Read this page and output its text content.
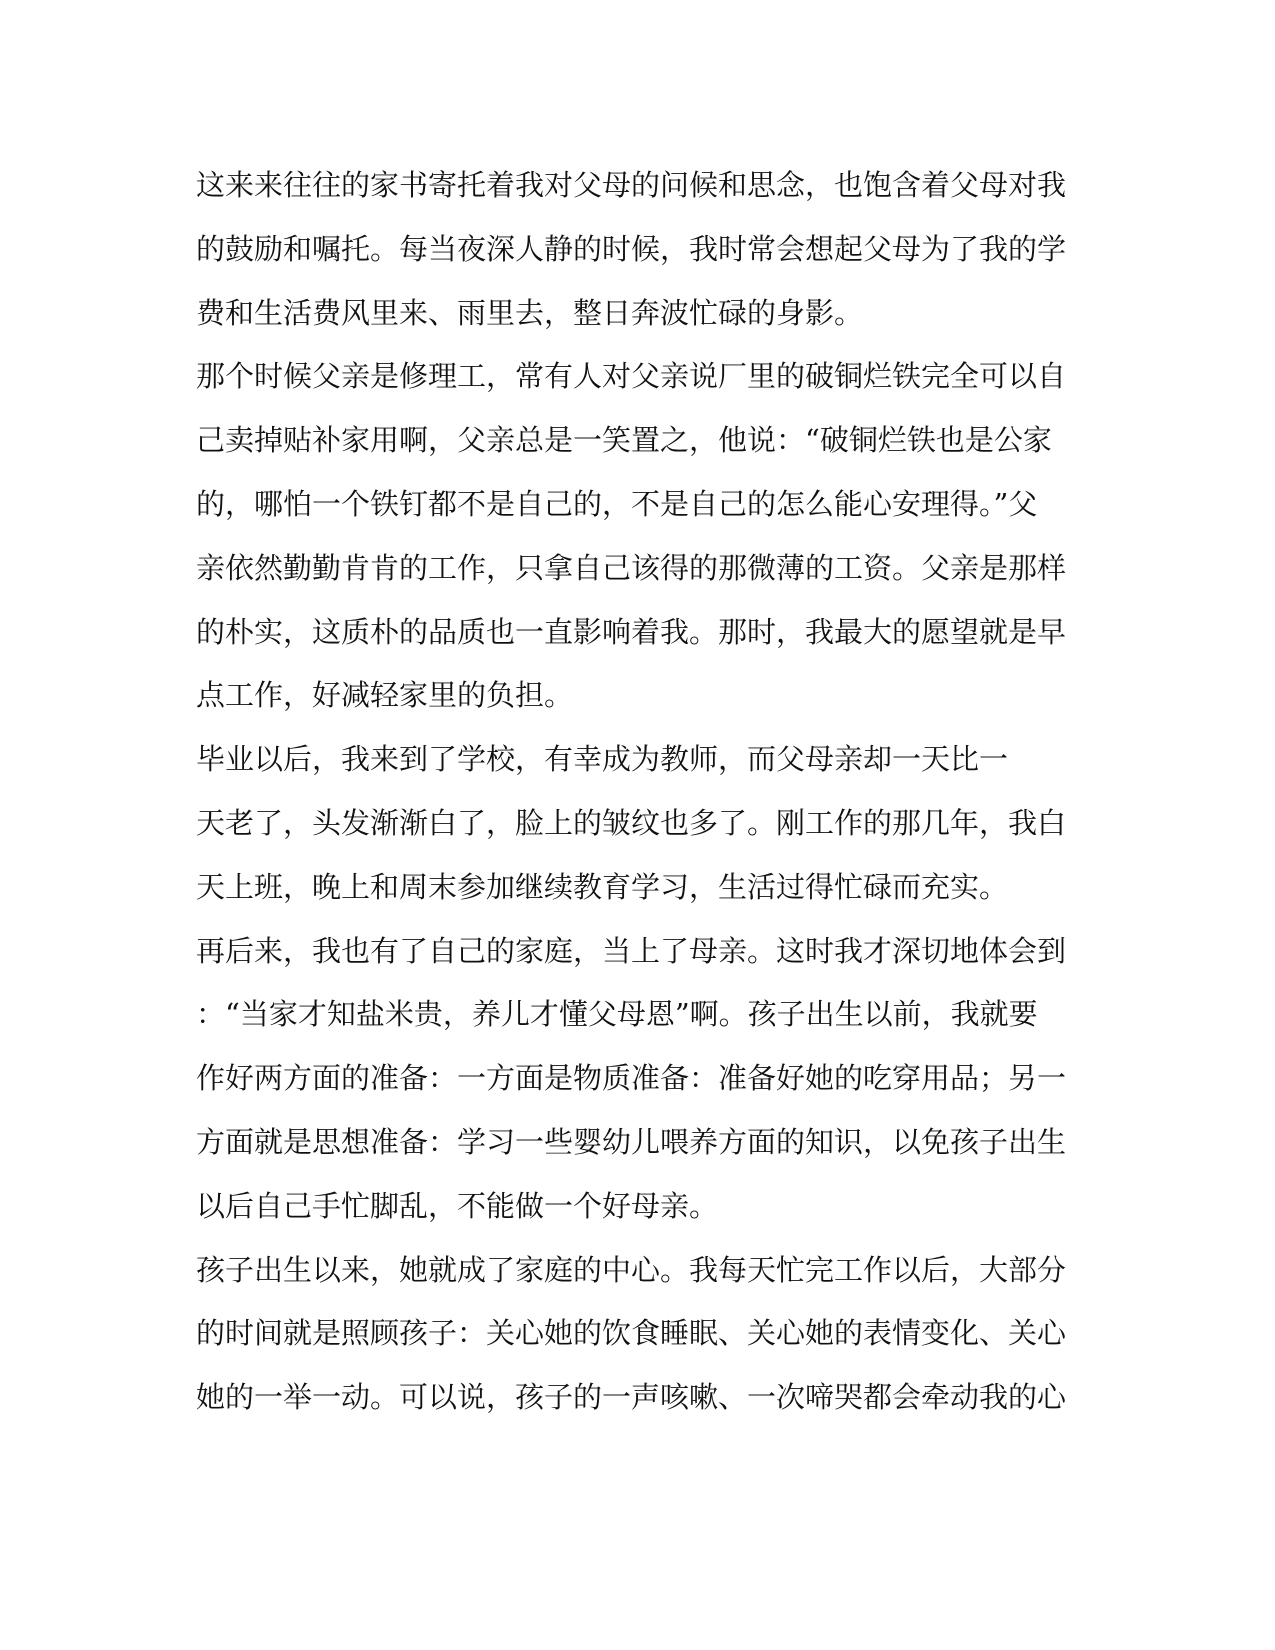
这来来往往的家书寄托着我对父母的问候和思念，也饱含着父母对我
的鼓励和嘱托。每当夜深人静的时候，我时常会想起父母为了我的学
费和生活费风里来、雨里去，整日奔波忙碌的身影。
那个时候父亲是修理工，常有人对父亲说厂里的破铜烂铁完全可以自
己卖掉贴补家用啊，父亲总是一笑置之，他说：“破铜烂铁也是公家
的，哪怕一个铁钉都不是自己的，不是自己的怎么能心安理得。”父
亲依然勤勤肯肯的工作，只拿自己该得的那微薄的工资。父亲是那样
的朴实，这质朴的品质也一直影响着我。那时，我最大的愿望就是早
点工作，好减轻家里的负担。
毕业以后，我来到了学校，有幸成为教师，而父母亲却一天比一
天老了，头发渐渐白了，脸上的皱纹也多了。刚工作的那几年，我白
天上班，晚上和周末参加继续教育学习，生活过得忙碌而充实。
再后来，我也有了自己的家庭，当上了母亲。这时我才深切地体会到
：“当家才知盐米贵，养儿才懂父母恩”啊。孩子出生以前，我就要
作好两方面的准备：一方面是物质准备：准备好她的吃穿用品；另一
方面就是思想准备：学习一些婴幼儿喂养方面的知识，以免孩子出生
以后自己手忙脚乱，不能做一个好母亲。
孩子出生以来，她就成了家庭的中心。我每天忙完工作以后，大部分
的时间就是照顾孩子：关心她的饮食睡眠、关心她的表情变化、关心
她的一举一动。可以说，孩子的一声咳嗽、一次啼哭都会牵动我的心
